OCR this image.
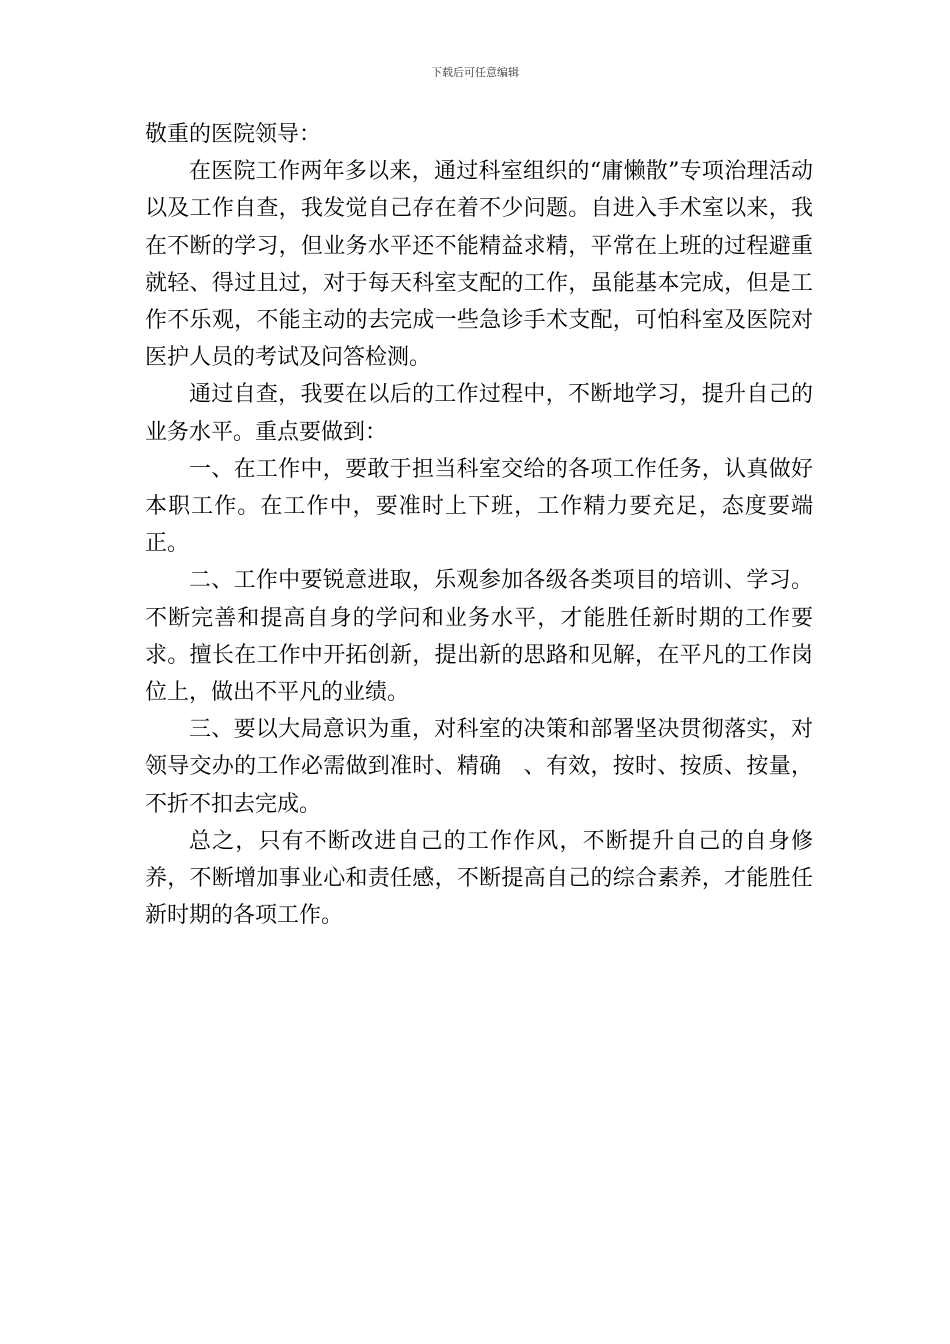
下载后可任意编辑

敬重的医院领导：

在医院工作两年多以来，通过科室组织的“庸懒散”专项治理活动以及工作自查，我发觉自己存在着不少问题。自进入手术室以来，我在不断的学习，但业务水平还不能精益求精，平常在上班的过程避重就轻、得过且过，对于每天科室支配的工作，虽能基本完成，但是工作不乐观，不能主动的去完成一些急诊手术支配，可怕科室及医院对医护人员的考试及问答检测。

通过自查，我要在以后的工作过程中，不断地学习，提升自己的业务水平。重点要做到：

一、在工作中，要敢于担当科室交给的各项工作任务，认真做好本职工作。在工作中，要准时上下班，工作精力要充足，态度要端正。

二、工作中要锐意进取，乐观参加各级各类项目的培训、学习。不断完善和提高自身的学问和业务水平，才能胜任新时期的工作要求。擅长在工作中开拓创新，提出新的思路和见解，在平凡的工作岗位上，做出不平凡的业绩。

三、要以大局意识为重，对科室的决策和部署坚决贯彻落实，对领导交办的工作必需做到准时、精确　、有效，按时、按质、按量，不折不扣去完成。

总之，只有不断改进自己的工作作风，不断提升自己的自身修养，不断增加事业心和责任感，不断提高自己的综合素养，才能胜任新时期的各项工作。
